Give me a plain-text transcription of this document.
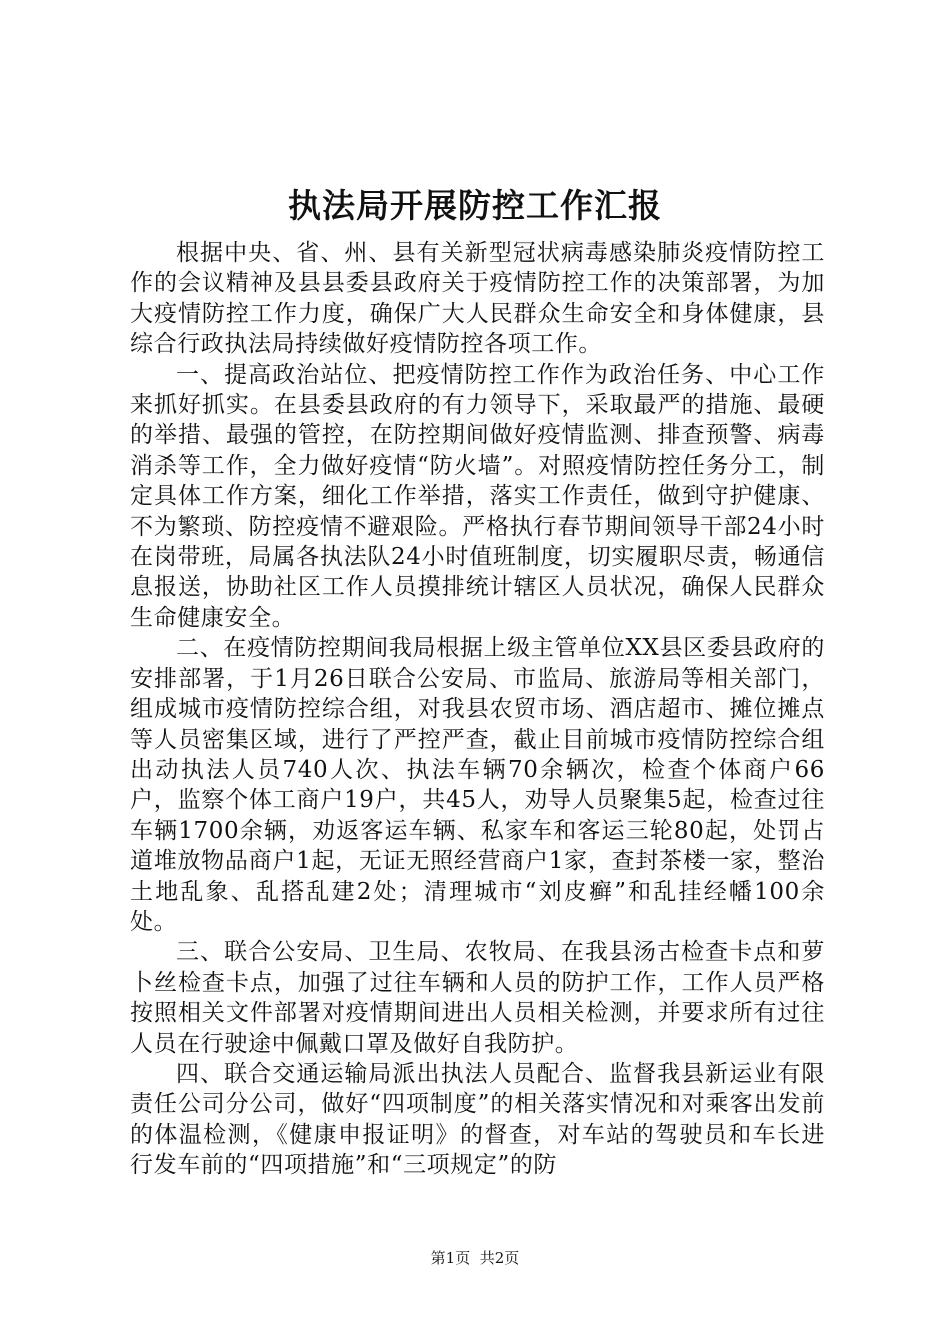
执法局开展防控工作汇报

根据中央、省、州、县有关新型冠状病毒感染肺炎疫情防控工作的会议精神及县县委县政府关于疫情防控工作的决策部署，为加大疫情防控工作力度，确保广大人民群众生命安全和身体健康，县综合行政执法局持续做好疫情防控各项工作。

一、提高政治站位、把疫情防控工作作为政治任务、中心工作来抓好抓实。在县委县政府的有力领导下，采取最严的措施、最硬的举措、最强的管控，在防控期间做好疫情监测、排查预警、病毒消杀等工作，全力做好疫情“防火墙”。对照疫情防控任务分工，制定具体工作方案，细化工作举措，落实工作责任，做到守护健康、不为繁琐、防控疫情不避艰险。严格执行春节期间领导干部24小时在岗带班，局属各执法队24小时值班制度，切实履职尽责，畅通信息报送，协助社区工作人员摸排统计辖区人员状况，确保人民群众生命健康安全。

二、在疫情防控期间我局根据上级主管单位XX县区委县政府的安排部署，于1月26日联合公安局、市监局、旅游局等相关部门，组成城市疫情防控综合组，对我县农贸市场、酒店超市、摊位摊点等人员密集区域，进行了严控严查，截止目前城市疫情防控综合组出动执法人员740人次、执法车辆70余辆次，检查个体商户66户，监察个体工商户19户，共45人，劝导人员聚集5起，检查过往车辆1700余辆，劝返客运车辆、私家车和客运三轮80起，处罚占道堆放物品商户1起，无证无照经营商户1家，查封茶楼一家，整治土地乱象、乱搭乱建2处；清理城市“刘皮癣”和乱挂经幡100余处。

三、联合公安局、卫生局、农牧局、在我县汤古检查卡点和萝卜丝检查卡点，加强了过往车辆和人员的防护工作，工作人员严格按照相关文件部署对疫情期间进出人员相关检测，并要求所有过往人员在行驶途中佩戴口罩及做好自我防护。

四、联合交通运输局派出执法人员配合、监督我县新运业有限责任公司分公司，做好“四项制度”的相关落实情况和对乘客出发前的体温检测，《健康申报证明》的督查，对车站的驾驶员和车长进行发车前的“四项措施”和“三项规定”的防

第1页 共2页
